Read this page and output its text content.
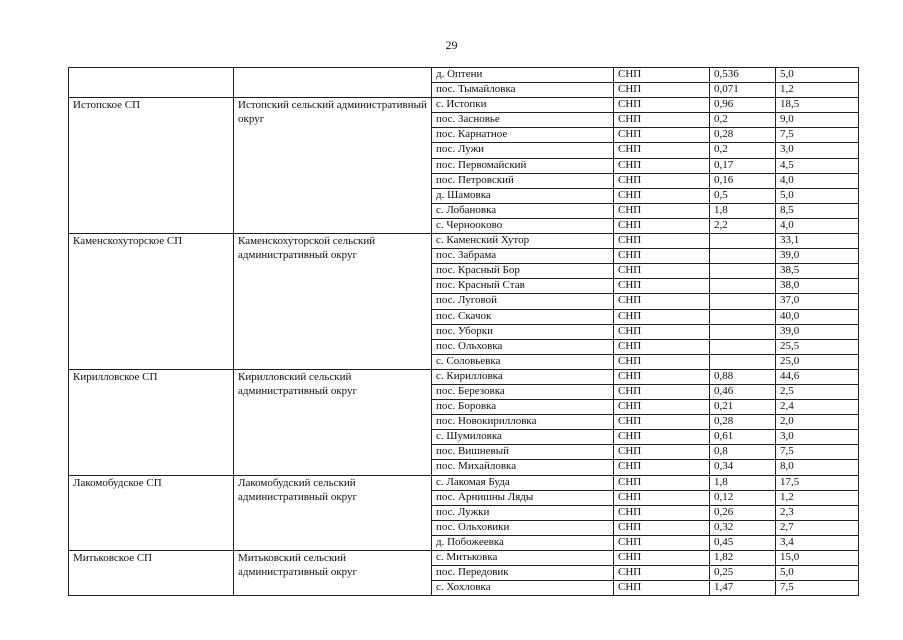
29
		д. Оптени	СНП	0,536	5,0
		пос. Тымайловка	СНП	0,071	1,2
Истопское СП	Истопский сельский административный округ	с. Истопки	СНП	0,96	18,5
		пос. Засновье	СНП	0,2	9,0
		пос. Карнатное	СНП	0,28	7,5
		пос. Лужи	СНП	0,2	3,0
		пос. Первомайский	СНП	0,17	4,5
		пос. Петровский	СНП	0,16	4,0
		д. Шамовка	СНП	0,5	5,0
		с. Лобановка	СНП	1,8	8,5
		с. Черноокoво	СНП	2,2	4,0
Каменскохуторское СП	Каменскохуторской сельский административный округ	с. Каменский Хутор	СНП		33,1
		пос. Забрама	СНП		39,0
		пос. Красный Бор	СНП		38,5
		пос. Красный Став	СНП		38,0
		пос. Луговой	СНП		37,0
		пос. Скачок	СНП		40,0
		пос. Уборки	СНП		39,0
		пос. Ольховка	СНП		25,5
		с. Соловьевка	СНП		25,0
Кирилловское СП	Кирилловский сельский административный округ	с. Кирилловка	СНП	0,88	44,6
		пос. Березовка	СНП	0,46	2,5
		пос. Боровка	СНП	0,21	2,4
		пос. Новокирилловка	СНП	0,28	2,0
		с. Шумиловка	СНП	0,61	3,0
		пос. Вишневый	СНП	0,8	7,5
		пос. Михайловка	СНП	0,34	8,0
Лакомобудское СП	Лакомобудский сельский административный округ	с. Лакомая Буда	СНП	1,8	17,5
		пос. Арнишны Ляды	СНП	0,12	1,2
		пос. Лужки	СНП	0,26	2,3
		пос. Ольховики	СНП	0,32	2,7
		д. Побожеевка	СНП	0,45	3,4
Митьковское СП	Митьковский сельский административный округ	с. Митьковка	СНП	1,82	15,0
		пос. Передовик	СНП	0,25	5,0
		с. Хохловка	СНП	1,47	7,5
